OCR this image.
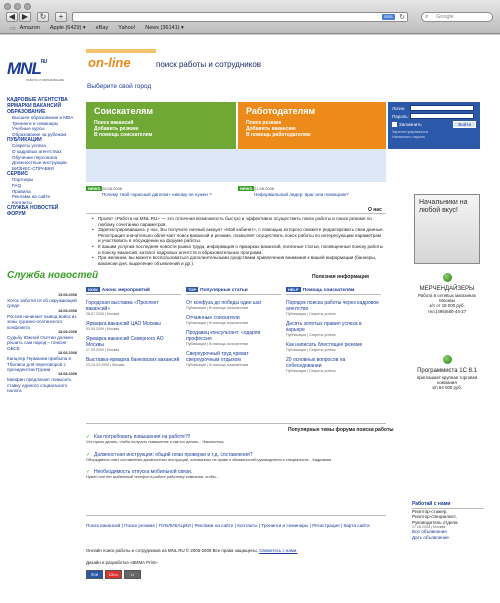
◀ ▶	↻	+	RSS ↻	⌕ Google
▭ Amazon Apple (6429) ▾ eBay Yahoo! News (36141) ▾
$MNL^{RU}$
РАБОТА И ОБРАЗОВАНИЕ
on-line	поиск работы и сотрудников
Выберите свой город
КАДРОВЫЕ АГЕНТСТВА
ЯРМАРКИ ВАКАНСИЙ
ОБРАЗОВАНИЕ
Высшее образование и MBA
Тренинги и семинары
Учебные курсы
Образование за рубежом
ПУБЛИКАЦИИ
Секреты успеха
О кадровых агентствах
Обучение персонала
Должностные инструкции
БИЗНЕС-СПРАВКИ
СЕРВИС
Партнеры
FAQ
Правила
Реклама на сайте
Контакты
СЛУЖБА НОВОСТЕЙ
ФОРУМ
Служба новостей
15.08.2008
Хегос заботится об окружающей среде
18.08.2008
Россия начинает вывод войск из зоны грузино-осетинского конфликта
18.08.2008
Судьбу Южной Осетии должен решить сам народ – гонконг ОБСЕ
18.08.2008
Канцлер Германии прибыла в Тбилиси для переговоров с президентом Грузии
18.08.2008
Минфин предлагает повысить ставку единого социального налога
Соискателям
Поиск вакансий
Добавить резюме
В помощь соискателям
Работодателям
Поиск резюме
Добавить вакансию
В помощь работодателям
Логин:
Пароль:
Запомнить	Войти
Зарегистрироваться
Напомнить пароль
NEWS 25.08.2008
Почему твой «красный диплом» никому не нужен ?
NEWS 21.08.2008
Неформальный лидер: враг или помощник?
О нас

• Проект «Работа на MNL.RU» — это отличная возможность быстро и эффективно осуществить поиск работы и поиск резюме по любому сочетанию параметров.

• Зарегистрировавшись у нас, Вы получите личный аккаунт «Мой кабинет», с помощью которого сможете редактировать свои данные. Регистрация значительно облегчает поиск вакансий и резюме, позволяет осуществить поиск работы по интересующим параметрам и участвовать в обсуждении на форуме работы.

• К вашим услугам последняя новости рынка труда, информация о ярмарках вакансий, полезные статьи, посвященные поиску работы и поиску вакансий, каталог кадровых агентств и образовательных программ.

• При желании, вы можете воспользоваться дополнительными средствами привлечения внимания к вашей информации (баннеры, вакансии дня, выделение объявлений и др.).

Полезная информация
NOW Анонс мероприятий
Городская выставка «Проспект вакансий»
26.07.2009 | Москва
Ярмарка вакансий ЦАО Москвы
03.09.2009 | Москва
Ярмарка вакансий Северного АО Москвы
17.09.2009 | Москва
Выставка-ярмарка банковских вакансий
23-24.02.2009 | Москва
TOP Популярные статьи
От конфуза до победы один шаг
Публикации | В помощь соискателям
Отчаянные соискатели
Публикации | В помощь соискателям
Продавец консультант: «одаряя профессия
Публикации | В помощь соискателям
Сверхурочный труд чреват сверхурочным отдыхом
Публикации | В помощь соискателям
HELP Помощь соискателям
Порядок поиска работы через кадровое агентство
Публикации | Секреты успеха
Десять золотых правил успеха в карьере
Публикации | Секреты успеха
Как написать блестящее резюме
Публикации | Секреты успеха
20 основных вопросов на собеседовании
Публикации | Секреты успеха
Популярные темы форума поиска работы
✓ Как потребовать повышения на работе?!!
Что нужно делать, чтобы получить повышение и как его делать... Накопилось
✓ Должностная инструкция: общий план проверки и т.д. составления?
Обсуждается опыт составления должностных инструкций, основанных на праве и обязанностей руководителя и специалиста... Кадровики
✓ Необходимость отпуска мобильной связи.
Нужен или нет мобильный телефон в работе работнику компании, чтобы...
Начальники на любой вкус!
МЕРЧЕНДАЙЗЕРЫ
Работа в сетевых магазинах Москвы
з/п от 18 000 руб.
тел.(495)680-44-27
Программиста 1С 8.1
приглашает крупная торговая компания
з/п 84 000 руб.
Работай с нами
Риэлтор-стажер,
Риэлтор-специалист,
Руководитель отдела
17.08.2008 | Москва
Все объявления
Дать объявление
Поиск вакансий | Поиск резюме | ПУБЛИКАЦИИ | Реклама на сайте | Контакты | Тренинги и семинары | Регистрация | Карта сайта
Онлайн поиск работы и сотрудников на MNL.RU © 2005-2008 Все права защищены. Свяжитесь с нами.
Дизайн и разработка «ВИМА Print»
ПОИ	100.ru	LI
